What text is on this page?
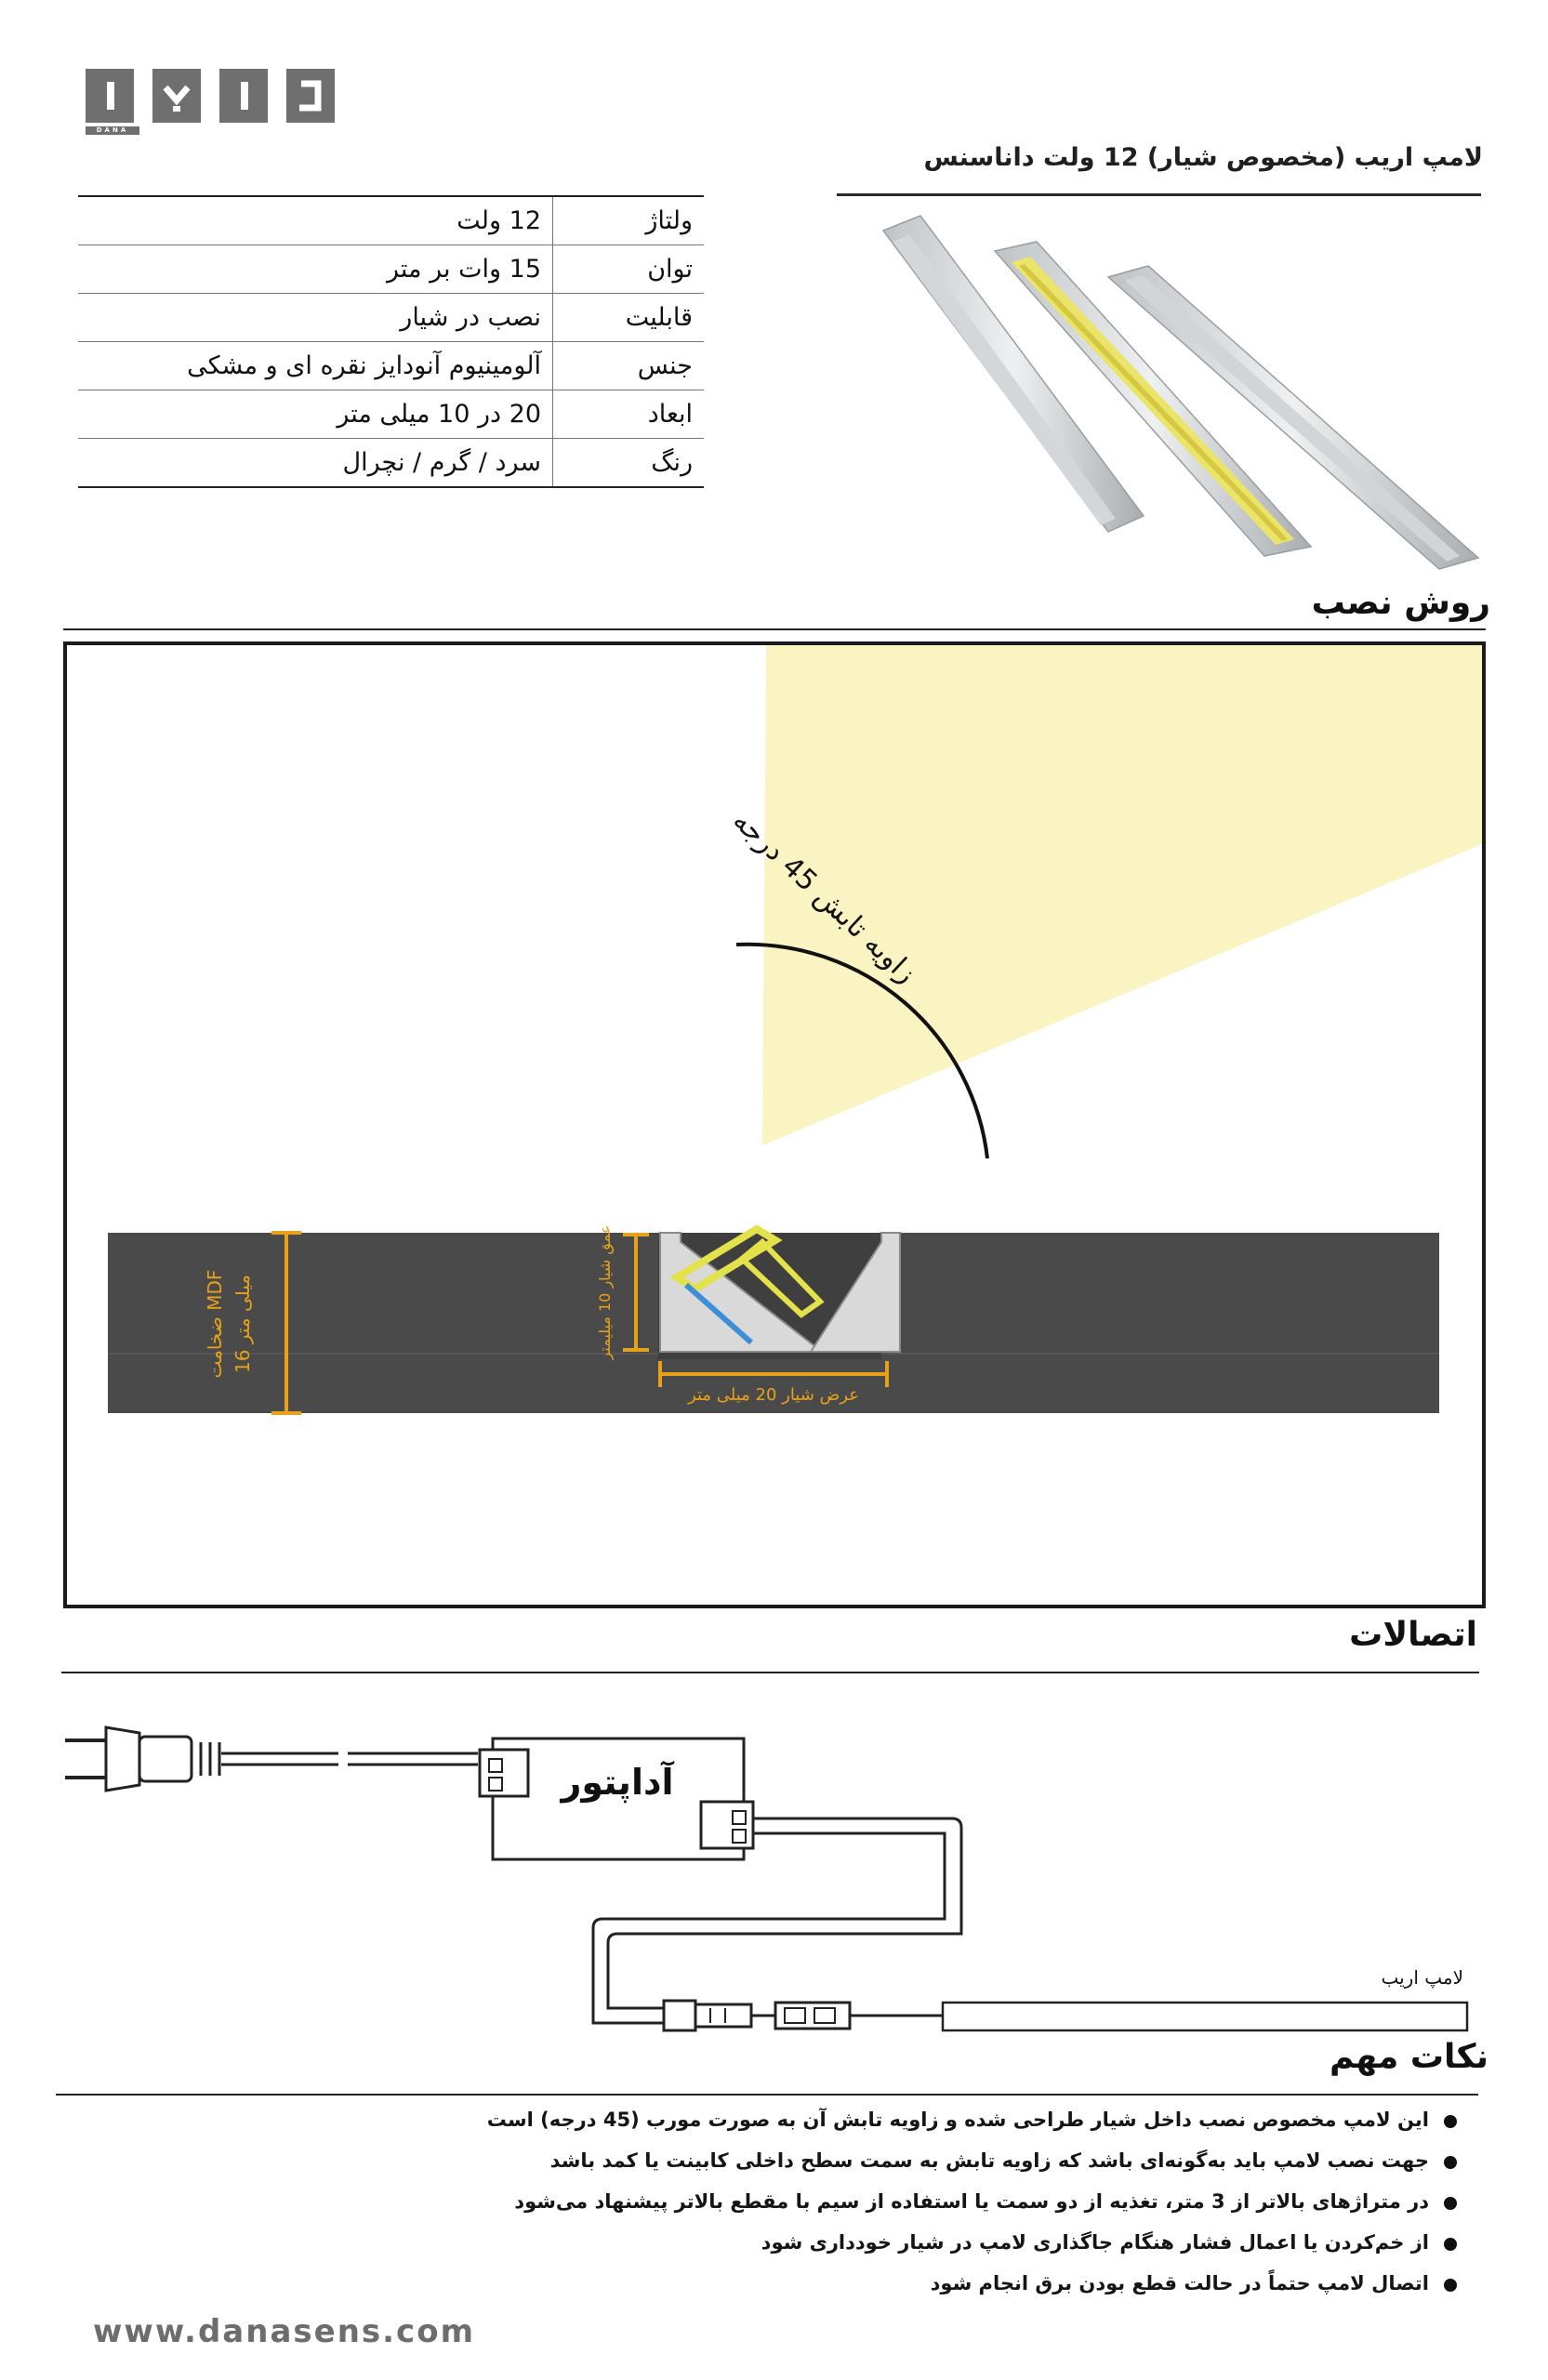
DANA
لامپ اریب (مخصوص شیار) 12 ولت داناسنس
ولتاژ	12 ولت
توان	15 وات بر متر
قابلیت	نصب در شیار
جنس	آلومینیوم آنودایز نقره ای و مشکی
ابعاد	20 در 10 میلی متر
رنگ	سرد / گرم / نچرال
روش نصب
زاویه تابش 45 درجه
ضخامت MDF
16 میلی متر	عمق شیار 10 میلیمتر
عرض شیار 20 میلی متر
اتصالات
آداپتور
لامپ اریب
نکات مهم
این لامپ مخصوص نصب داخل شیار طراحی شده و زاویه تابش آن به صورت مورب (45 درجه) است
جهت نصب لامپ باید به‌گونه‌ای باشد که زاویه تابش به سمت سطح داخلی کابینت یا کمد باشد
در متراژهای بالاتر از 3 متر، تغذیه از دو سمت یا استفاده از سیم با مقطع بالاتر پیشنهاد می‌شود
از خم‌کردن یا اعمال فشار هنگام جاگذاری لامپ در شیار خودداری شود
اتصال لامپ حتماً در حالت قطع بودن برق انجام شود
www.danasens.com
